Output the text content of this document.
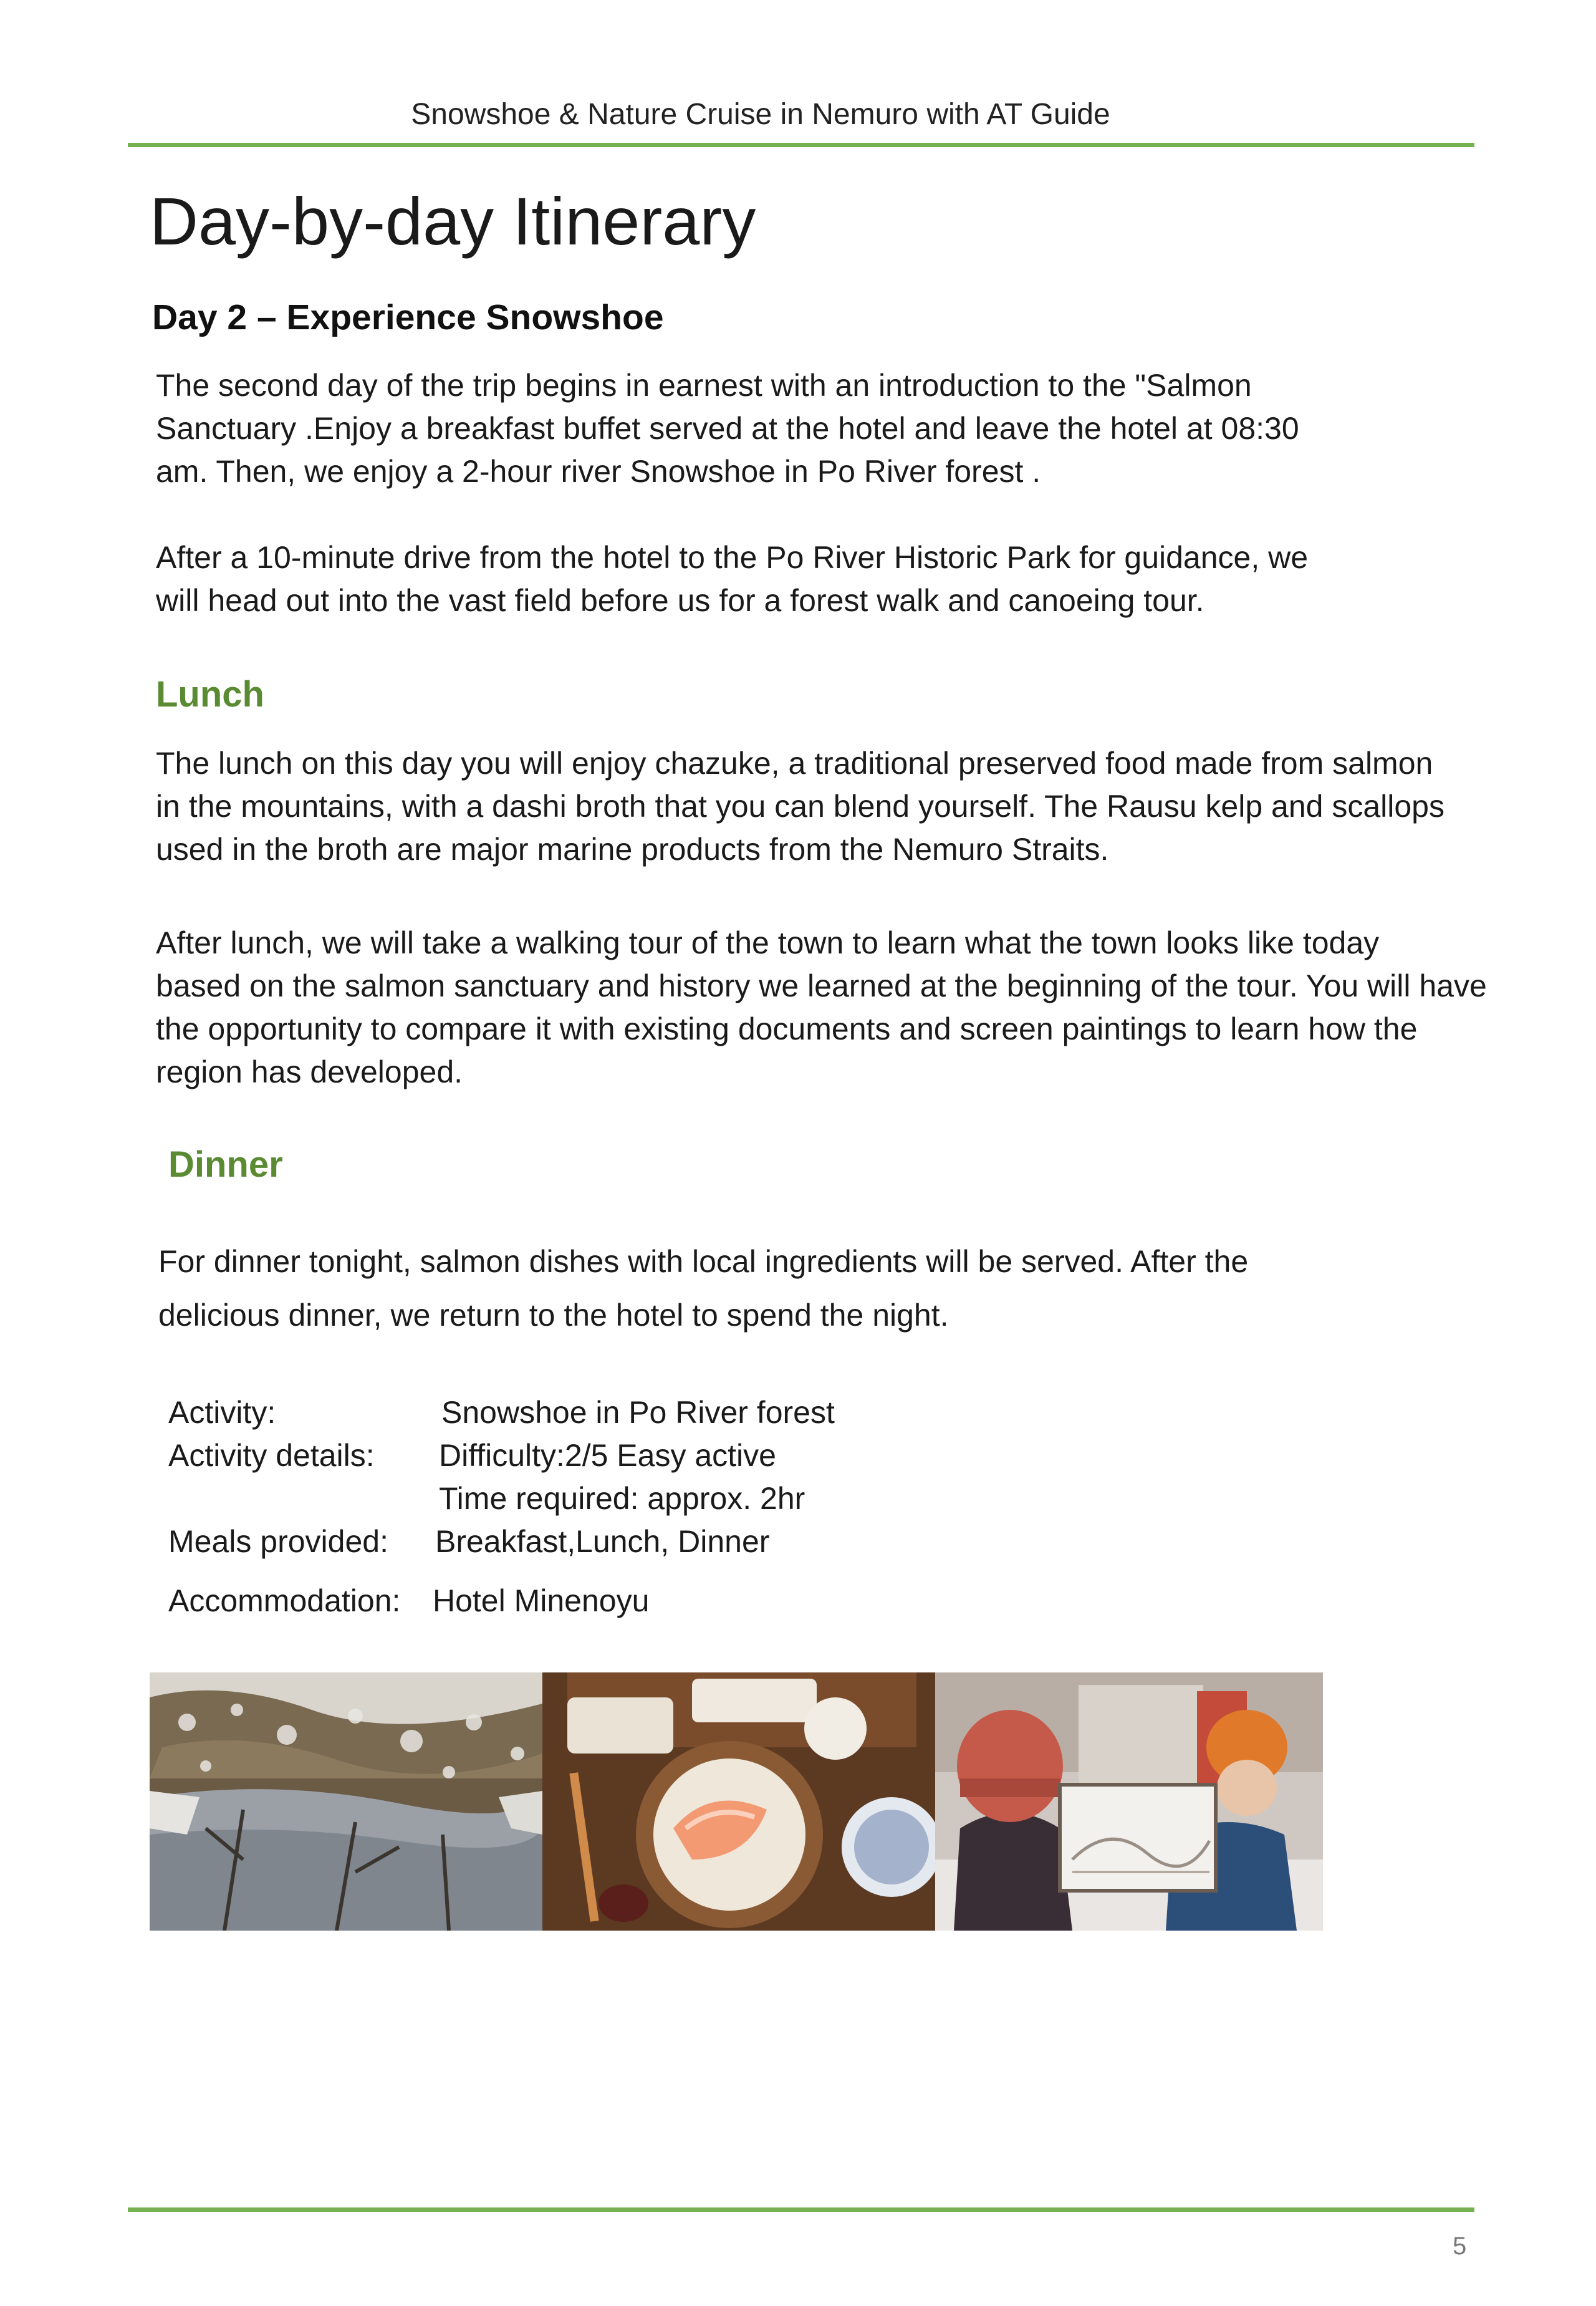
Snowshoe & Nature Cruise in Nemuro with AT Guide
Day-by-day Itinerary
Day 2 – Experience Snowshoe
The second day of the trip begins in earnest with an introduction to the "Salmon
Sanctuary .Enjoy a breakfast buffet served at the hotel and leave the hotel at 08:30
am. Then, we enjoy a 2-hour river Snowshoe in Po River forest .
After a 10-minute drive from the hotel to the Po River Historic Park for guidance, we
will head out into the vast field before us for a forest walk and canoeing tour.
Lunch
The lunch on this day you will enjoy chazuke, a traditional preserved food made from salmon
in the mountains, with a dashi broth that you can blend yourself. The Rausu kelp and scallops
used in the broth are major marine products from the Nemuro Straits.
After lunch, we will take a walking tour of the town to learn what the town looks like today
based on the salmon sanctuary and history we learned at the beginning of the tour. You will have
the opportunity to compare it with existing documents and screen paintings to learn how the
region has developed.
Dinner
For dinner tonight, salmon dishes with local ingredients will be served. After the
delicious dinner, we return to the hotel to spend the night.
Activity:	Snowshoe in Po River forest
Activity details: Difficulty:2/5 Easy active
Time required: approx. 2hr
Meals provided: Breakfast,Lunch, Dinner
Accommodation: Hotel Minenoyu
5
